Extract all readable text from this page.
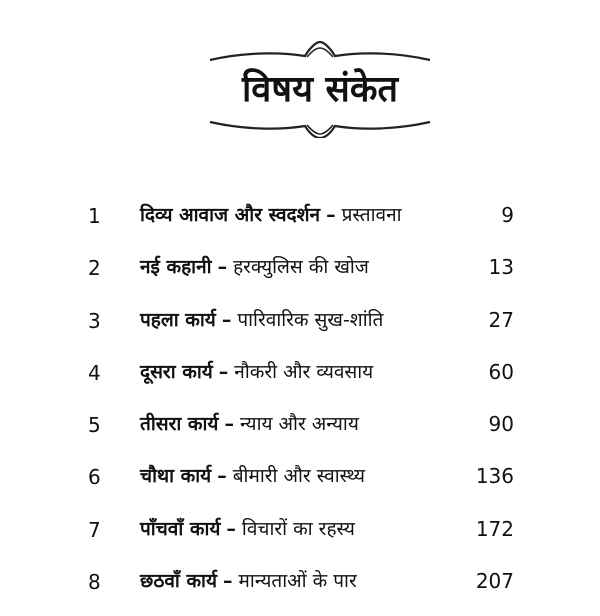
विषय संकेत
1 दिव्य आवाज और स्वदर्शन – प्रस्तावना	9
2 नई कहानी – हरक्युलिस की खोज	13
3 पहला कार्य – पारिवारिक सुख-शांति	27
4 दूसरा कार्य – नौकरी और व्यवसाय	60
5 तीसरा कार्य – न्याय और अन्याय	90
6 चौथा कार्य – बीमारी और स्वास्थ्य	136
7 पाँचवाँ कार्य – विचारों का रहस्य	172
8 छठवाँ कार्य – मान्यताओं के पार	207
